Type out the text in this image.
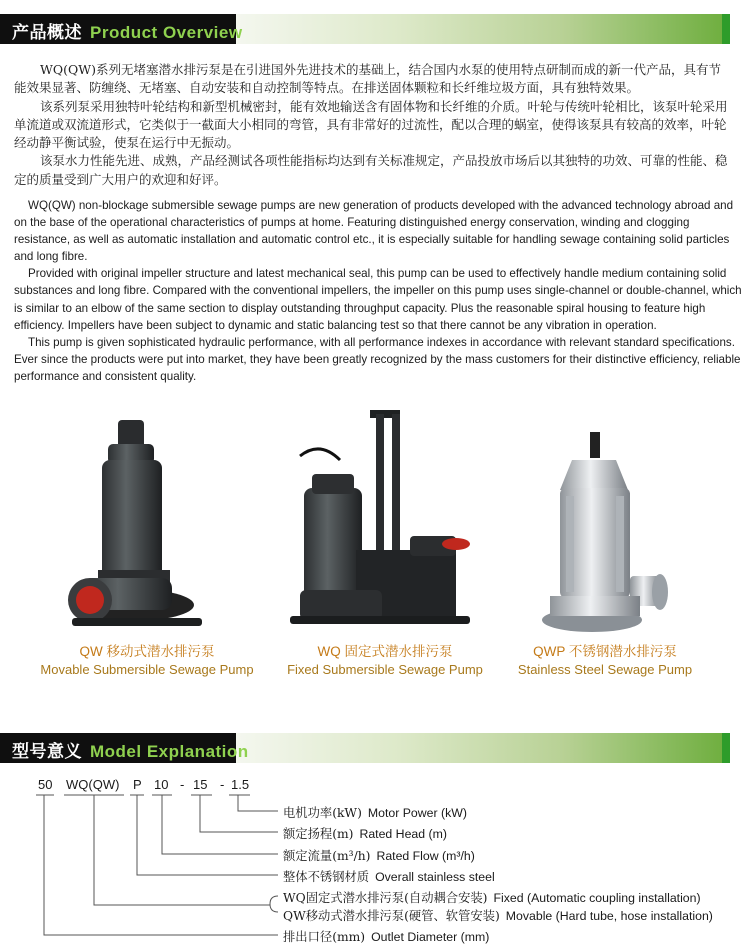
产品概述 Product Overview

WQ(QW)系列无堵塞潜水排污泵是在引进国外先进技术的基础上，结合国内水泵的使用特点研制而成的新一代产品，具有节能效果显著、防缠绕、无堵塞、自动安装和自动控制等特点。在排送固体颗粒和长纤维垃圾方面，具有独特效果。

该系列泵采用独特叶轮结构和新型机械密封，能有效地输送含有固体物和长纤维的介质。叶轮与传统叶轮相比，该泵叶轮采用单流道或双流道形式，它类似于一截面大小相同的弯管，具有非常好的过流性，配以合理的蜗室，使得该泵具有较高的效率，叶轮经动静平衡试验，使泵在运行中无振动。

该泵水力性能先进、成熟，产品经测试各项性能指标均达到有关标准规定，产品投放市场后以其独特的功效、可靠的性能、稳定的质量受到广大用户的欢迎和好评。

WQ(QW) non-blockage submersible sewage pumps are new generation of products developed with the advanced technology abroad and on the base of the operational characteristics of pumps at home. Featuring distinguished energy conservation, winding and clogging resistance, as well as automatic installation and automatic control etc., it is especially suitable for handling sewage containing solid particles and long fibre.

Provided with original impeller structure and latest mechanical seal, this pump can be used to effectively handle medium containing solid substances and long fibre. Compared with the conventional impellers, the impeller on this pump uses single-channel or double-channel, which is similar to an elbow of the same section to display outstanding throughput capacity. Plus the reasonable spiral housing to feature high efficiency. Impellers have been subject to dynamic and static balancing test so that there cannot be any vibration in operation.

This pump is given sophisticated hydraulic performance, with all performance indexes in accordance with relevant standard specifications. Ever since the products were put into market, they have been greatly recognized by the mass customers for their distinctive efficiency, reliable performance and consistent quality.

QW 移动式潜水排污泵
Movable Submersible Sewage Pump
WQ 固定式潜水排污泵
Fixed Submersible Sewage Pump
QWP 不锈钢潜水排污泵
Stainless Steel Sewage Pump
型号意义 Model Explanation
50 WQ(QW) P 10 - 15 - 1.5
电机功率(kW) Motor Power (kW)
额定扬程(m) Rated Head (m)
额定流量(m³/h) Rated Flow (m³/h)
整体不锈钢材质 Overall stainless steel
WQ固定式潜水排污泵(自动耦合安装) Fixed (Automatic coupling installation)
QW移动式潜水排污泵(硬管、软管安装) Movable (Hard tube, hose installation)
排出口径(mm) Outlet Diameter (mm)
